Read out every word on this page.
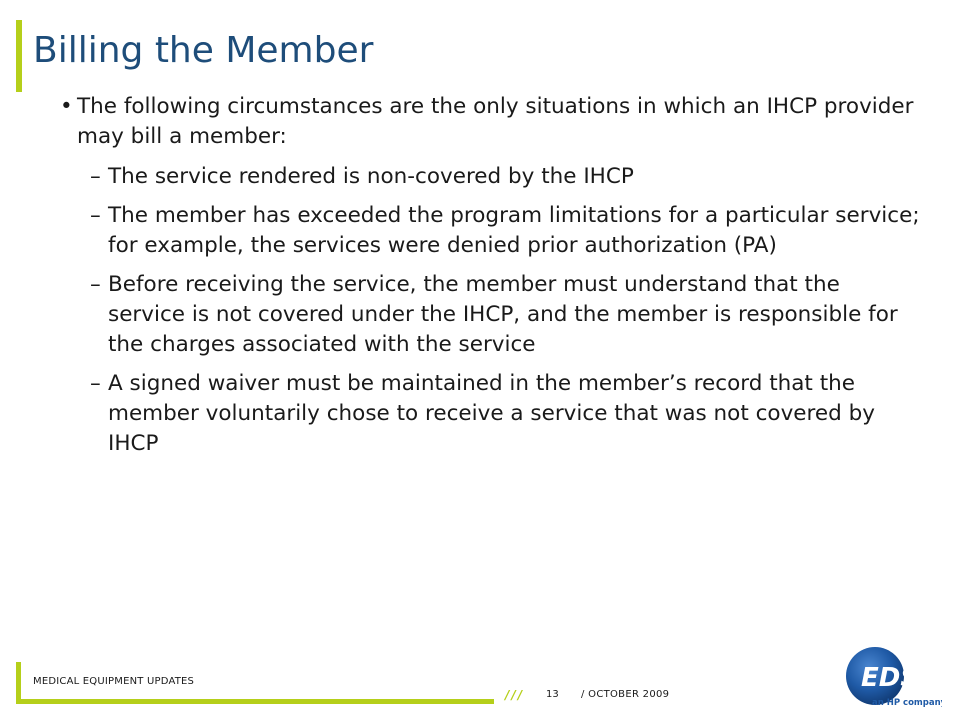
Billing the Member
• The following circumstances are the only situations in which an IHCP provider may bill a member:
– The service rendered is non-covered by the IHCP
– The member has exceeded the program limitations for a particular service; for example, the services were denied prior authorization (PA)
– Before receiving the service, the member must understand that the service is not covered under the IHCP, and the member is responsible for the charges associated with the service
– A signed waiver must be maintained in the member’s record that the member voluntarily chose to receive a service that was not covered by IHCP
MEDICAL EQUIPMENT UPDATES
/// 13 / OCTOBER 2009
EDS
an HP company
